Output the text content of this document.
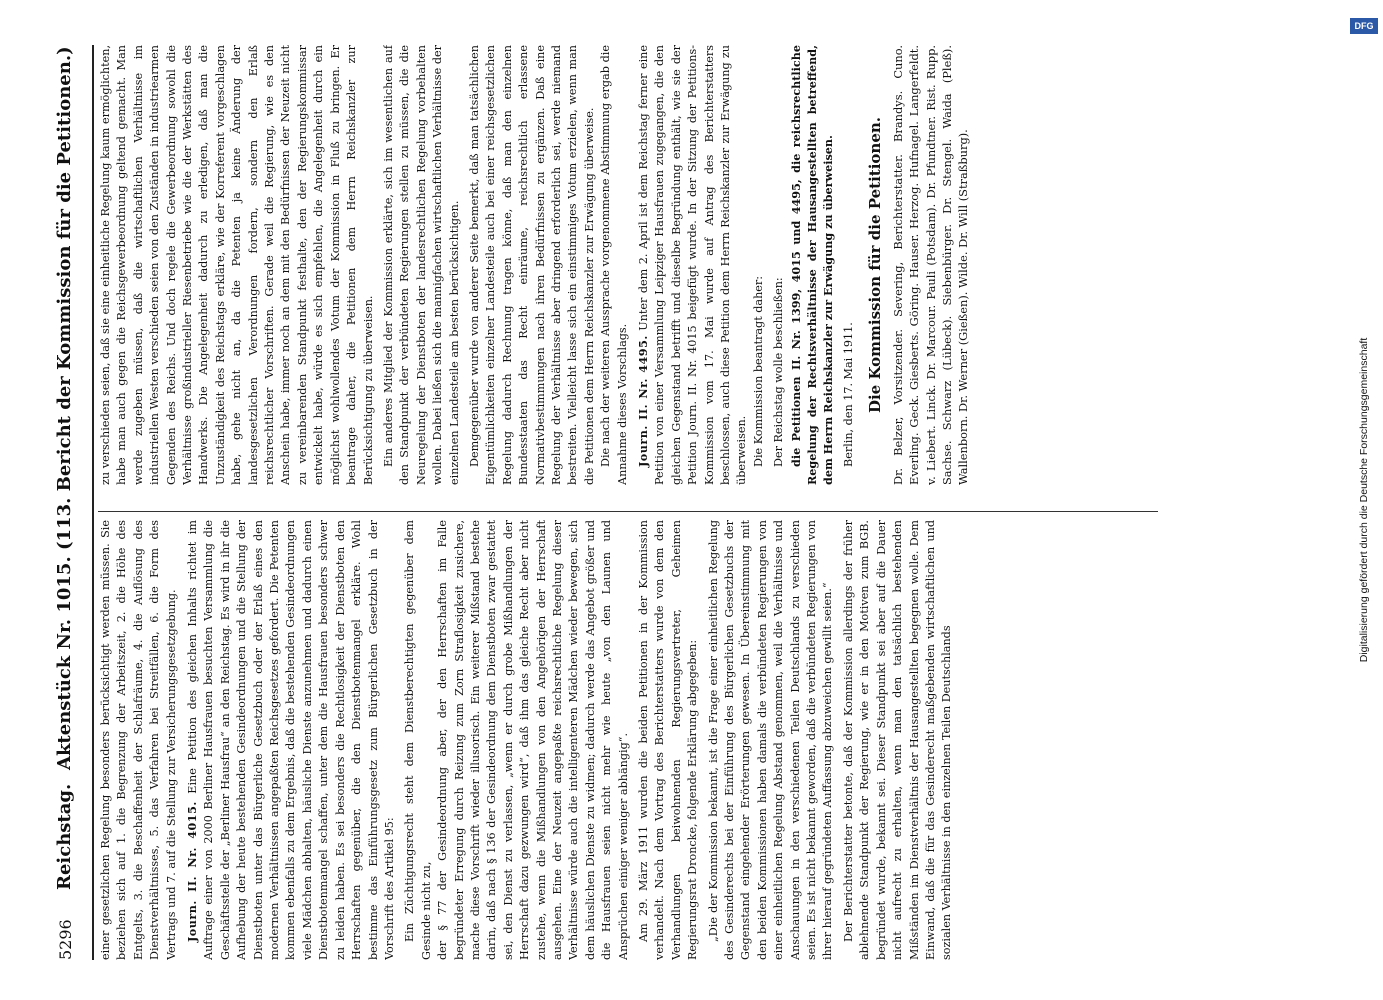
5296
Reichstag.
Aktenstück Nr. 1015.
(113. Bericht der Kommission für die Petitionen.)

einer gesetzlichen Regelung besonders berücksichtigt werden müssen. Sie beziehen sich auf 1. die Begrenzung der Arbeitszeit, 2. die Höhe des Entgelts, 3. die Beschaffenheit der Schlafräume, 4. die Auflösung des Dienstverhältnisses, 5. das Verfahren bei Streitfällen, 6. die Form des Vertrags und 7. auf die Stellung zur Versicherungsgesetzgebung. Journ. II. Nr. 4015. Eine Petition des gleichen Inhalts richtet im Auftrage einer von 2000 Berliner Hausfrauen besuchten Versammlung die Geschäftsstelle der „Berliner Hausfrau“ an den Reichstag. Es wird in ihr die Aufhebung der heute bestehenden Gesindeordnungen und die Stellung der Dienstboten unter das Bürgerliche Gesetzbuch oder der Erlaß eines den modernen Verhältnissen angepaßten Reichsgesetzes gefordert. Die Petenten kommen ebenfalls zu dem Ergebnis, daß die bestehenden Gesindeordnungen viele Mädchen abhalten, häusliche Dienste anzunehmen und dadurch einen Dienstbotenmangel schaffen, unter dem die Hausfrauen besonders schwer zu leiden haben. Es sei besonders die Rechtlosigkeit der Dienstboten den Herrschaften gegenüber, die den Dienstbotenmangel erkläre. Wohl bestimme das Einführungsgesetz zum Bürgerlichen Gesetzbuch in der Vorschrift des Artikel 95: Ein Züchtigungsrecht steht dem Dienstberechtigten gegenüber dem Gesinde nicht zu, der § 77 der Gesindeordnung aber, der den Herrschaften im Falle begründeter Erregung durch Reizung zum Zorn Straflosigkeit zusichere, mache diese Vorschrift wieder illusorisch. Ein weiterer Mißstand bestehe darin, daß nach § 136 der Gesindeordnung dem Dienstboten zwar gestattet sei, den Dienst zu verlassen, „wenn er durch grobe Mißhandlungen der Herrschaft dazu gezwungen wird“, daß ihm das gleiche Recht aber nicht zustehe, wenn die Mißhandlungen von den Angehörigen der Herrschaft ausgehen. Eine der Neuzeit angepaßte reichsrechtliche Regelung dieser Verhältnisse würde auch die intelligenteren Mädchen wieder bewegen, sich dem häuslichen Dienste zu widmen; dadurch werde das Angebot größer und die Hausfrauen seien nicht mehr wie heute „von den Launen und Ansprüchen einiger weniger abhängig“. Am 29. März 1911 wurden die beiden Petitionen in der Kommission verhandelt. Nach dem Vortrag des Berichterstatters wurde von dem den Verhandlungen beiwohnenden Regierungsvertreter, Geheimen Regierungsrat Droncke, folgende Erklärung abgegeben: „Die der Kommission bekannt, ist die Frage einer einheitlichen Regelung des Gesinderechts bei der Einführung des Bürgerlichen Gesetzbuchs der Gegenstand eingehender Erörterungen gewesen. In Übereinstimmung mit den beiden Kommissionen haben damals die verbündeten Regierungen von einer einheitlichen Regelung Abstand genommen, weil die Verhältnisse und Anschauungen in den verschiedenen Teilen Deutschlands zu verschieden seien. Es ist nicht bekannt geworden, daß die verbündeten Regierungen von ihrer hierauf gegründeten Auffassung abzuweichen gewillt seien.“ Der Berichterstatter betonte, daß der Kommission allerdings der früher ablehnende Standpunkt der Regierung, wie er in den Motiven zum BGB. begründet wurde, bekannt sei. Dieser Standpunkt sei aber auf die Dauer nicht aufrecht zu erhalten, wenn man den tatsächlich bestehenden Mißständen im Dienstverhältnis der Hausangestellten begegnen wolle. Dem Einwand, daß die für das Gesinderecht maßgebenden wirtschaftlichen und sozialen Verhältnisse in den einzelnen Teilen Deutschlands

zu verschieden seien, daß sie eine einheitliche Regelung kaum ermöglichten, habe man auch gegen die Reichsgewerbeordnung geltend gemacht. Man werde zugeben müssen, daß die wirtschaftlichen Verhältnisse im industriellen Westen verschieden seien von den Zuständen in industriearmen Gegenden des Reichs. Und doch regele die Gewerbeordnung sowohl die Verhältnisse großindustrieller Riesenbetriebe wie die der Werkstätten des Handwerks. Die Angelegenheit dadurch zu erledigen, daß man die Unzuständigkeit des Reichstags erkläre, wie der Korreferent vorgeschlagen habe, gehe nicht an, da die Petenten ja keine Änderung der landesgesetzlichen Verordnungen fordern, sondern den Erlaß reichsrechtlicher Vorschriften. Gerade weil die Regierung, wie es den Anschein habe, immer noch an dem mit den Bedürfnissen der Neuzeit nicht zu vereinbarenden Standpunkt festhalte, den der Regierungskommissar entwickelt habe, würde es sich empfehlen, die Angelegenheit durch ein möglichst wohlwollendes Votum der Kommission in Fluß zu bringen. Er beantrage daher, die Petitionen dem Herrn Reichskanzler zur Berücksichtigung zu überweisen. Ein anderes Mitglied der Kommission erklärte, sich im wesentlichen auf den Standpunkt der verbündeten Regierungen stellen zu müssen, die die Neuregelung der Dienstboten der landesrechtlichen Regelung vorbehalten wollen. Dabei ließen sich die mannigfachen wirtschaftlichen Verhältnisse der einzelnen Landesteile am besten berücksichtigen. Demgegenüber wurde von anderer Seite bemerkt, daß man tatsächlichen Eigentümlichkeiten einzelner Landesteile auch bei einer reichsgesetzlichen Regelung dadurch Rechnung tragen könne, daß man den einzelnen Bundesstaaten das Recht einräume, reichsrechtlich erlassene Normativbestimmungen nach ihren Bedürfnissen zu ergänzen. Daß eine Regelung der Verhältnisse aber dringend erforderlich sei, werde niemand bestreiten. Vielleicht lasse sich ein einstimmiges Votum erzielen, wenn man die Petitionen dem Herrn Reichskanzler zur Erwägung überweise. Die nach der weiteren Aussprache vorgenommene Abstimmung ergab die Annahme dieses Vorschlags. Journ. II. Nr. 4495. Unter dem 2. April ist dem Reichstag ferner eine Petition von einer Versammlung Leipziger Hausfrauen zugegangen, die den gleichen Gegenstand betrifft und dieselbe Begründung enthält, wie sie der Petition Journ. II. Nr. 4015 beigefügt wurde. In der Sitzung der Petitions-Kommission vom 17. Mai wurde auf Antrag des Berichterstatters beschlossen, auch diese Petition dem Herrn Reichskanzler zur Erwägung zu überweisen. Die Kommission beantragt daher: Der Reichstag wolle beschließen: die Petitionen II. Nr. 1399, 4015 und 4495, die reichsrechtliche Regelung der Rechtsverhältnisse der Hausangestellten betreffend, dem Herrn Reichskanzler zur Erwägung zu überweisen. Berlin, den 17. Mai 1911. Die Kommission für die Petitionen. Dr. Belzer, Vorsitzender. Severing, Berichterstatter. Brandys. Cuno. Everling. Geck. Giesberts. Göring. Hauser. Herzog. Hufnagel. Langerfeldt. v. Liebert. Linck. Dr. Marcour. Pauli (Potsdam). Dr. Pfundtner. Rist. Rupp. Sachse. Schwarz (Lübeck). Siebenbürger. Dr. Stengel. Waida (Pleß). Wallenborn. Dr. Werner (Gießen). Wilde. Dr. Will (Straßburg).

Digitalisierung gefördert durch die Deutsche Forschungsgemeinschaft
DFG
